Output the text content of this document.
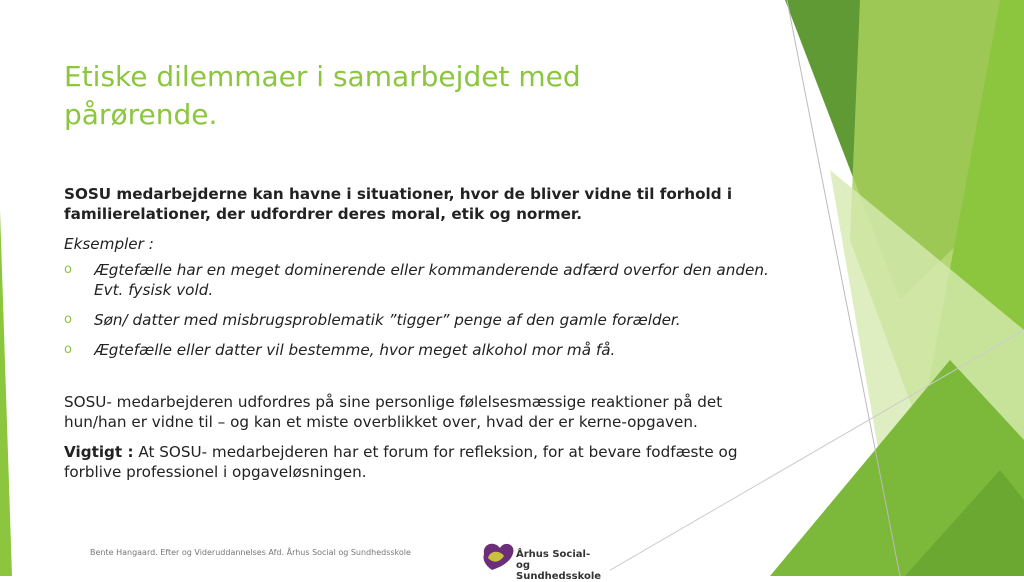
Etiske dilemmaer i samarbejdet med pårørende.

SOSU medarbejderne kan havne i situationer, hvor de bliver vidne til forhold i familierelationer, der udfordrer deres moral, etik og normer.

Eksempler :

o Ægtefælle har en meget dominerende eller kommanderende adfærd overfor den anden. Evt. fysisk vold.
o Søn/ datter med misbrugsproblematik ”tigger” penge af den gamle forælder.
o Ægtefælle eller datter vil bestemme, hvor meget alkohol mor må få.

SOSU- medarbejderen udfordres på sine personlige følelsesmæssige reaktioner på det hun/han er vidne til – og kan et miste overblikket over, hvad der er kerne-opgaven.

Vigtigt : At SOSU- medarbejderen har et forum for refleksion, for at bevare fodfæste og forblive professionel i opgaveløsningen.

Bente Hangaard. Efter og Videruddannelses Afd. Århus Social og Sundhedsskole	Århus Social-
og Sundhedsskole
